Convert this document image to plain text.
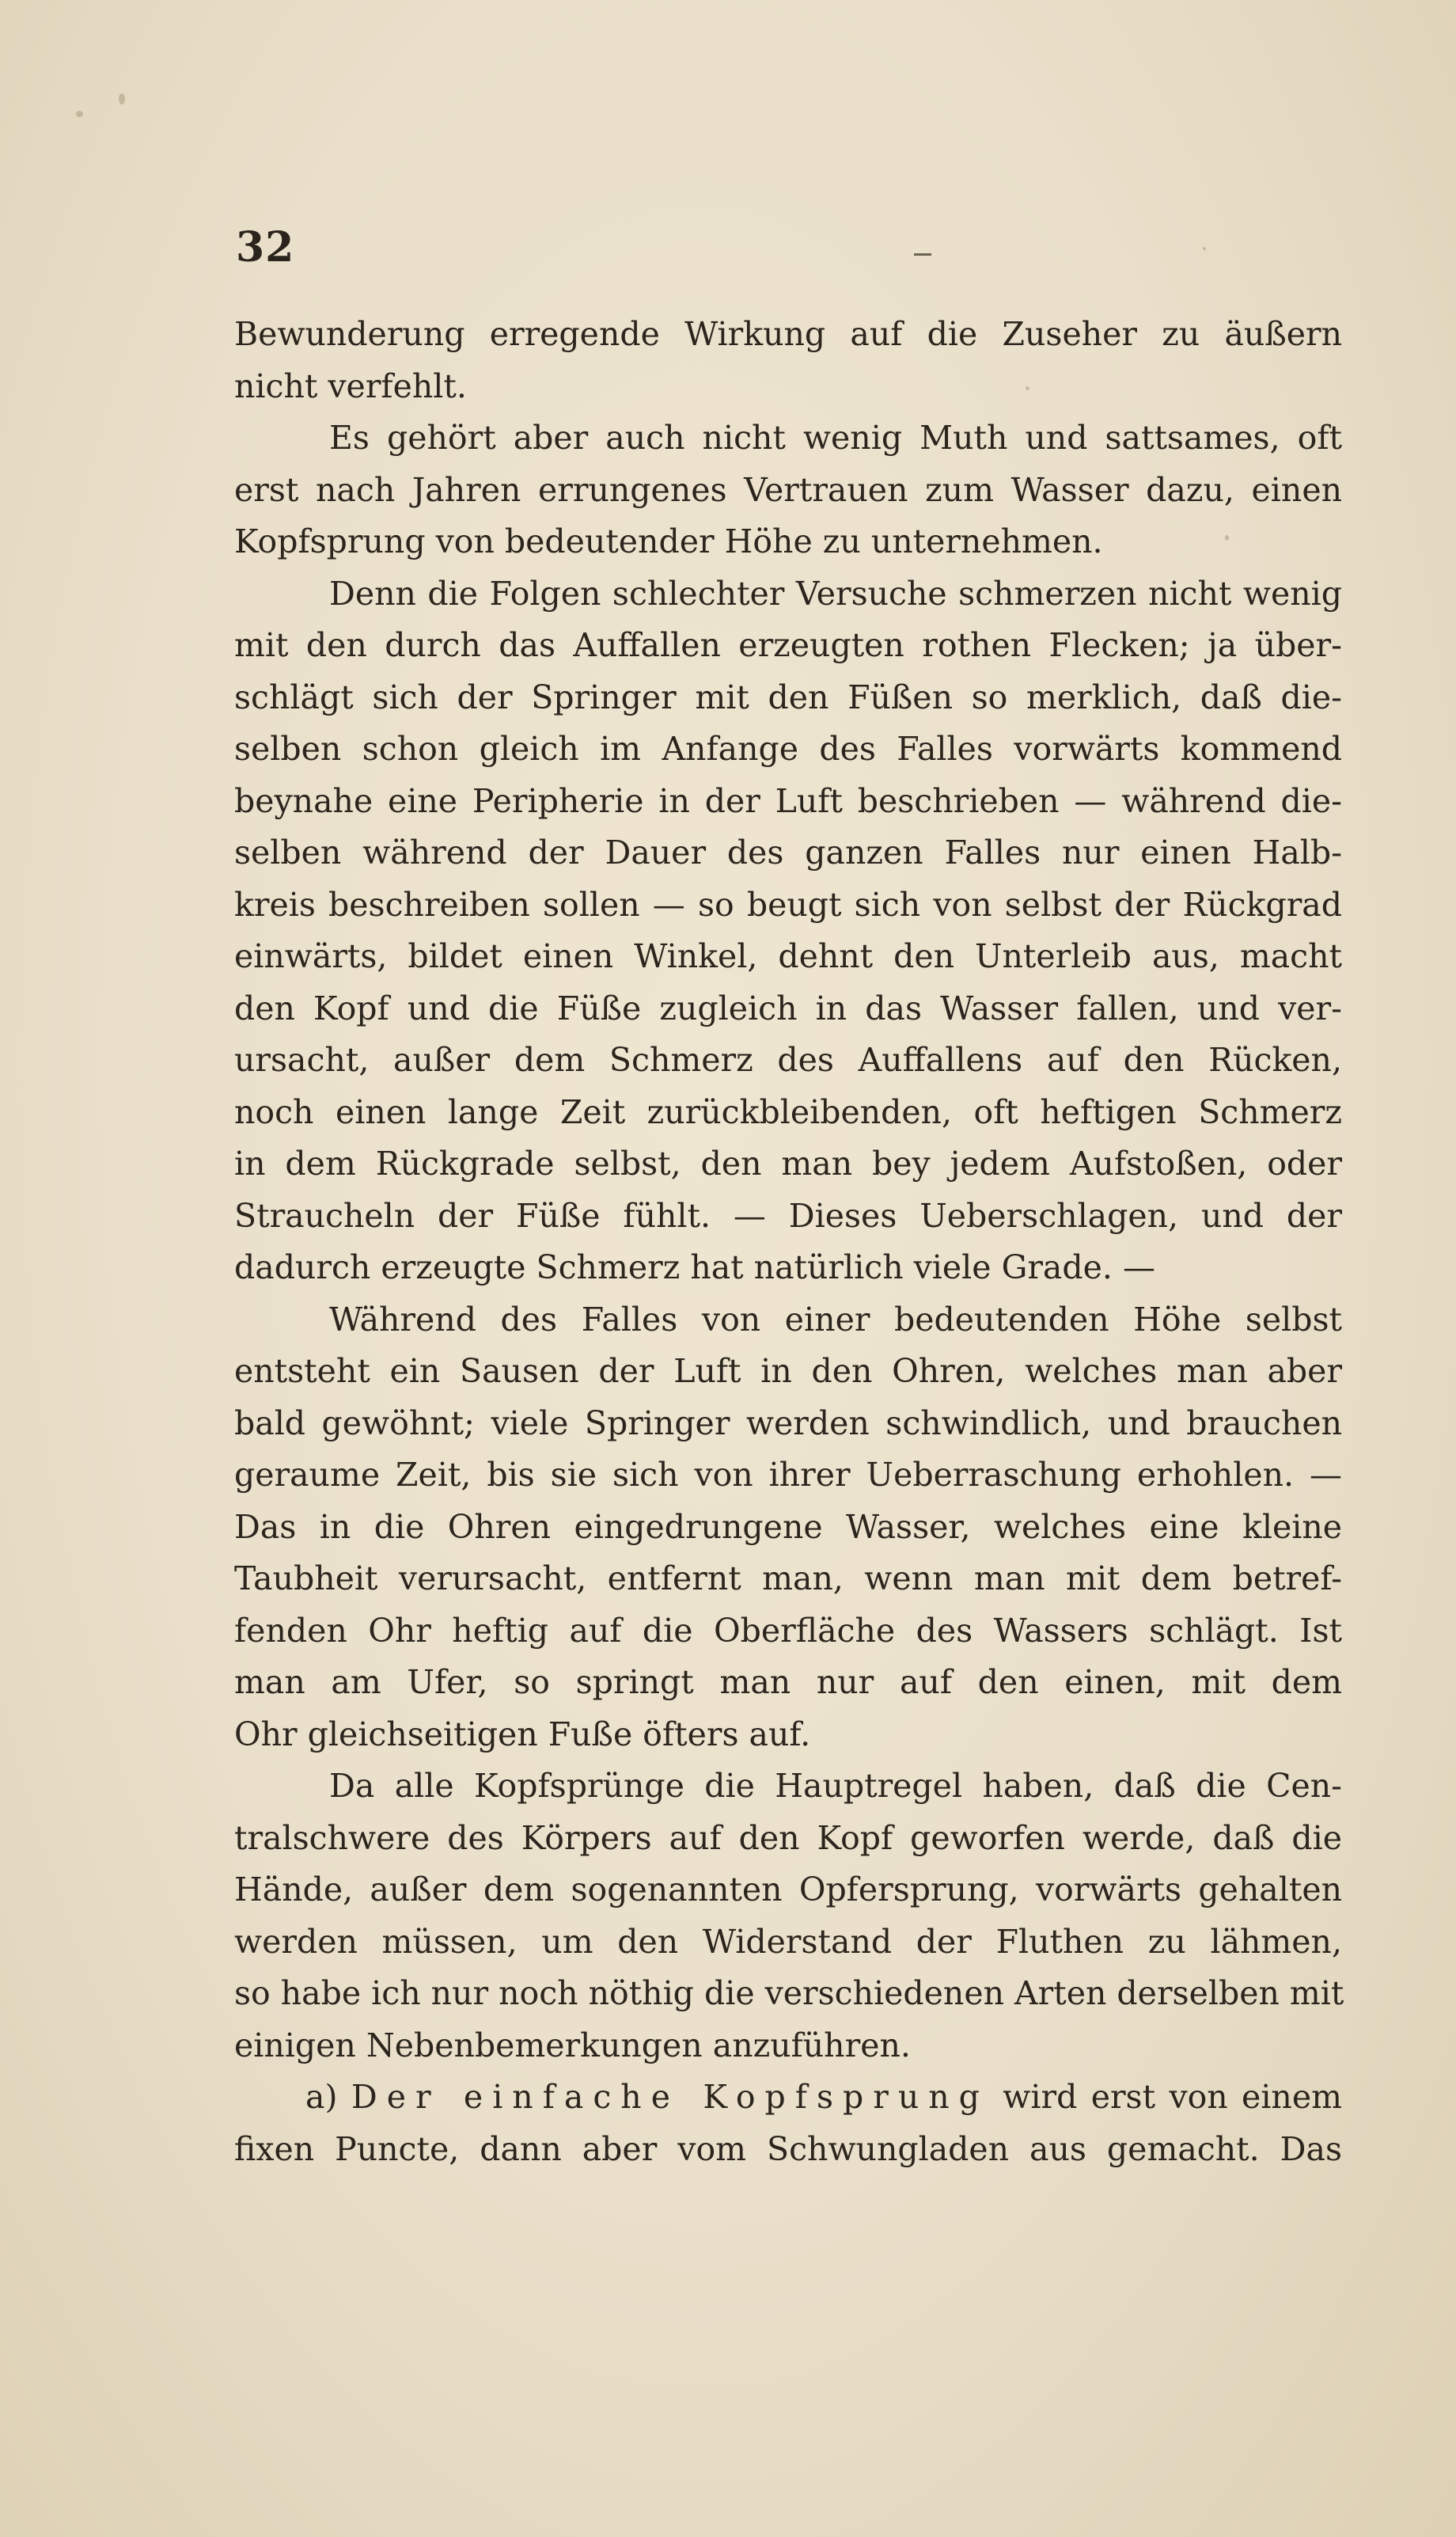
32
Bewunderung erregende Wirkung auf die Zuseher zu äußern
nicht verfehlt.
Es gehört aber auch nicht wenig Muth und sattsames, oft
erst nach Jahren errungenes Vertrauen zum Wasser dazu, einen
Kopfsprung von bedeutender Höhe zu unternehmen.
Denn die Folgen schlechter Versuche schmerzen nicht wenig
mit den durch das Auffallen erzeugten rothen Flecken; ja über-
schlägt sich der Springer mit den Füßen so merklich, daß die-
selben schon gleich im Anfange des Falles vorwärts kommend
beynahe eine Peripherie in der Luft beschrieben — während die-
selben während der Dauer des ganzen Falles nur einen Halb-
kreis beschreiben sollen — so beugt sich von selbst der Rückgrad
einwärts, bildet einen Winkel, dehnt den Unterleib aus, macht
den Kopf und die Füße zugleich in das Wasser fallen, und ver-
ursacht, außer dem Schmerz des Auffallens auf den Rücken,
noch einen lange Zeit zurückbleibenden, oft heftigen Schmerz
in dem Rückgrade selbst, den man bey jedem Aufstoßen, oder
Straucheln der Füße fühlt. — Dieses Ueberschlagen, und der
dadurch erzeugte Schmerz hat natürlich viele Grade. —
Während des Falles von einer bedeutenden Höhe selbst
entsteht ein Sausen der Luft in den Ohren, welches man aber
bald gewöhnt; viele Springer werden schwindlich, und brauchen
geraume Zeit, bis sie sich von ihrer Ueberraschung erhohlen. —
Das in die Ohren eingedrungene Wasser, welches eine kleine
Taubheit verursacht, entfernt man, wenn man mit dem betref-
fenden Ohr heftig auf die Oberfläche des Wassers schlägt. Ist
man am Ufer, so springt man nur auf den einen, mit dem
Ohr gleichseitigen Fuße öfters auf.
Da alle Kopfsprünge die Hauptregel haben, daß die Cen-
tralschwere des Körpers auf den Kopf geworfen werde, daß die
Hände, außer dem sogenannten Opfersprung, vorwärts gehalten
werden müssen, um den Widerstand der Fluthen zu lähmen,
so habe ich nur noch nöthig die verschiedenen Arten derselben mit
einigen Nebenbemerkungen anzuführen.
a) Der einfache Kopfsprung wird erst von einem
fixen Puncte, dann aber vom Schwungladen aus gemacht. Das
